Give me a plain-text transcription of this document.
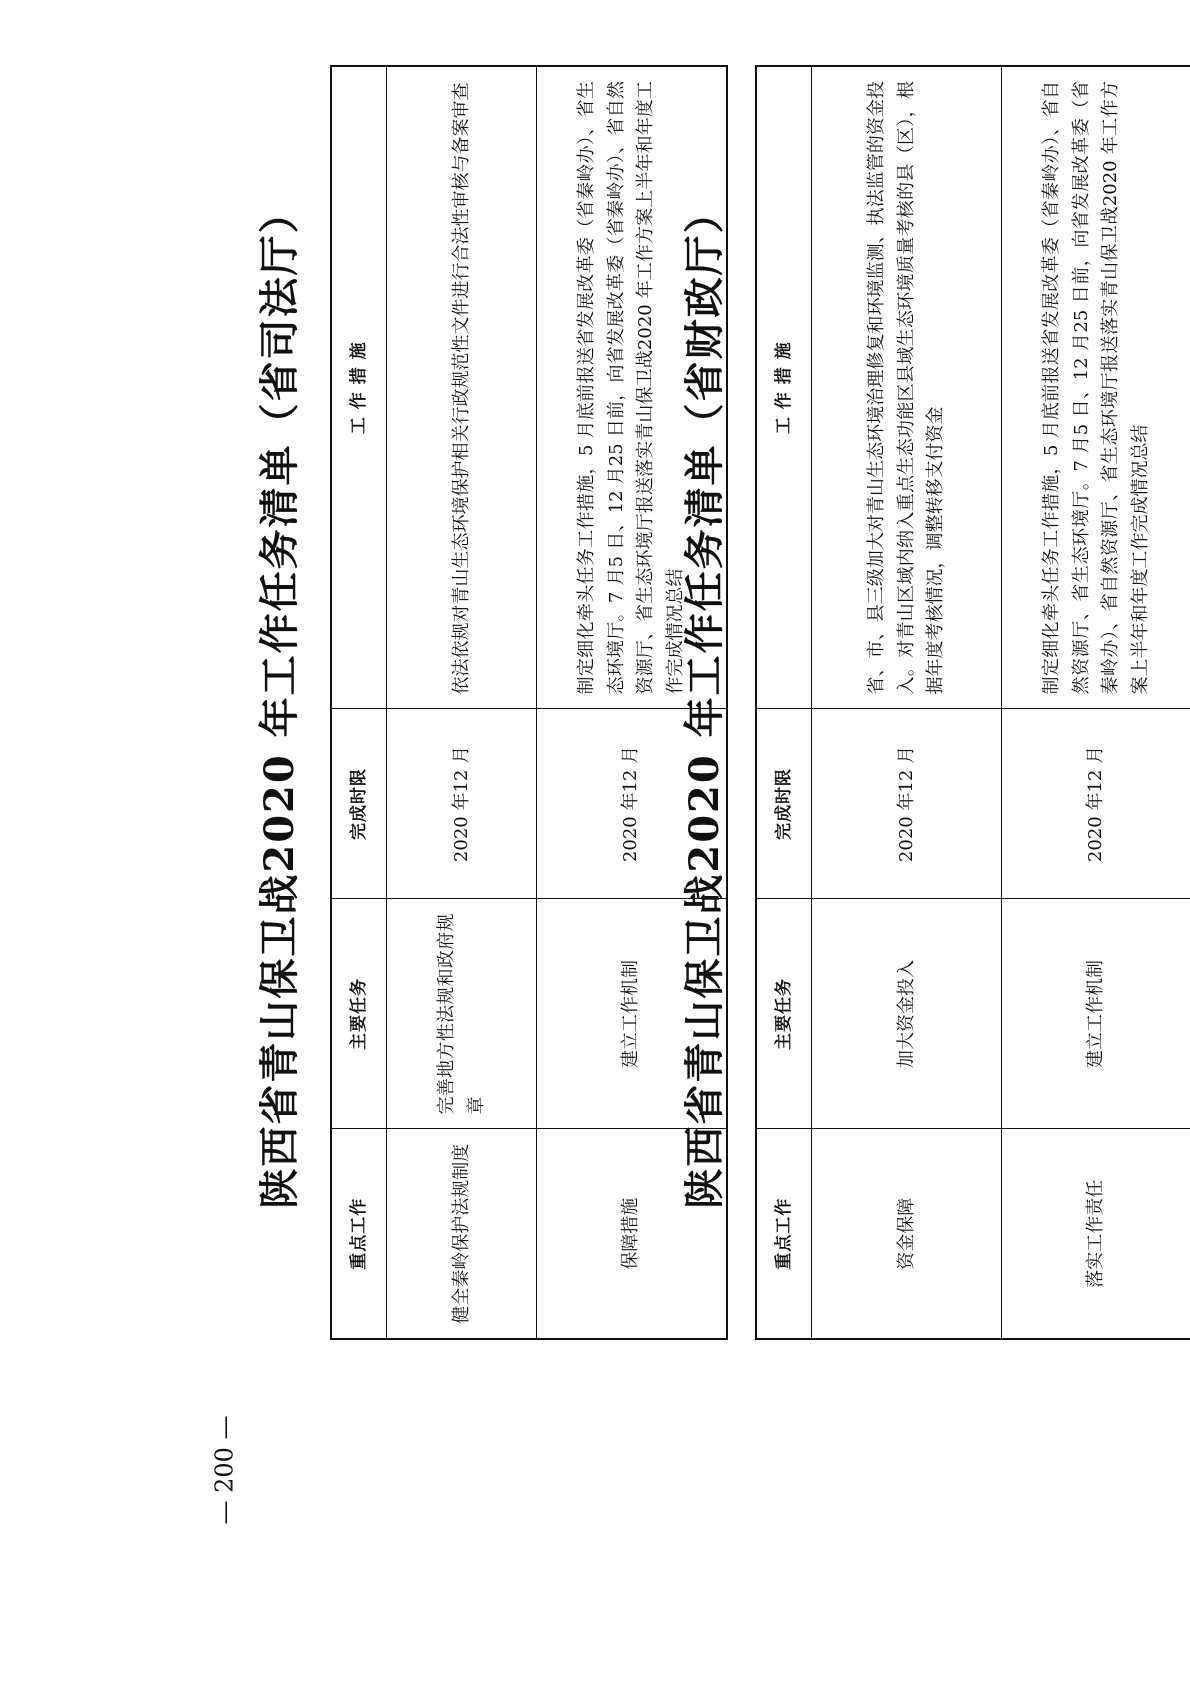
陕西省青山保卫战2020 年工作任务清单（省司法厅）
重点工作	主要任务	完成时限	工 作 措 施
健全秦岭保护法规制度	完善地方性法规和政府规章	2020 年12 月	依法依规对青山生态环境保护相关行政规范性文件进行合法性审核与备案审查
保障措施	建立工作机制	2020 年12 月	制定细化牵头任务工作措施，5 月底前报送省发展改革委（省秦岭办）、省生态环境厅。7 月5 日、12 月25 日前，向省发展改革委（省秦岭办）、省自然资源厅、省生态环境厅报送落实青山保卫战2020 年工作方案上半年和年度工作完成情况总结
陕西省青山保卫战2020 年工作任务清单（省财政厅）
重点工作	主要任务	完成时限	工 作 措 施
资金保障	加大资金投入	2020 年12 月	省、市、县三级加大对青山生态环境治理修复和环境监测、执法监管的资金投入。对青山区域内纳入重点生态功能区县域生态环境质量考核的县（区），根据年度考核情况，调整转移支付资金
落实工作责任	建立工作机制	2020 年12 月	制定细化牵头任务工作措施，5 月底前报送省发展改革委（省秦岭办）、省自然资源厅、省生态环境厅。7 月5 日、12 月25 日前，向省发展改革委（省秦岭办）、省自然资源厅、省生态环境厅报送落实青山保卫战2020 年工作方案上半年和年度工作完成情况总结
— 200 —
